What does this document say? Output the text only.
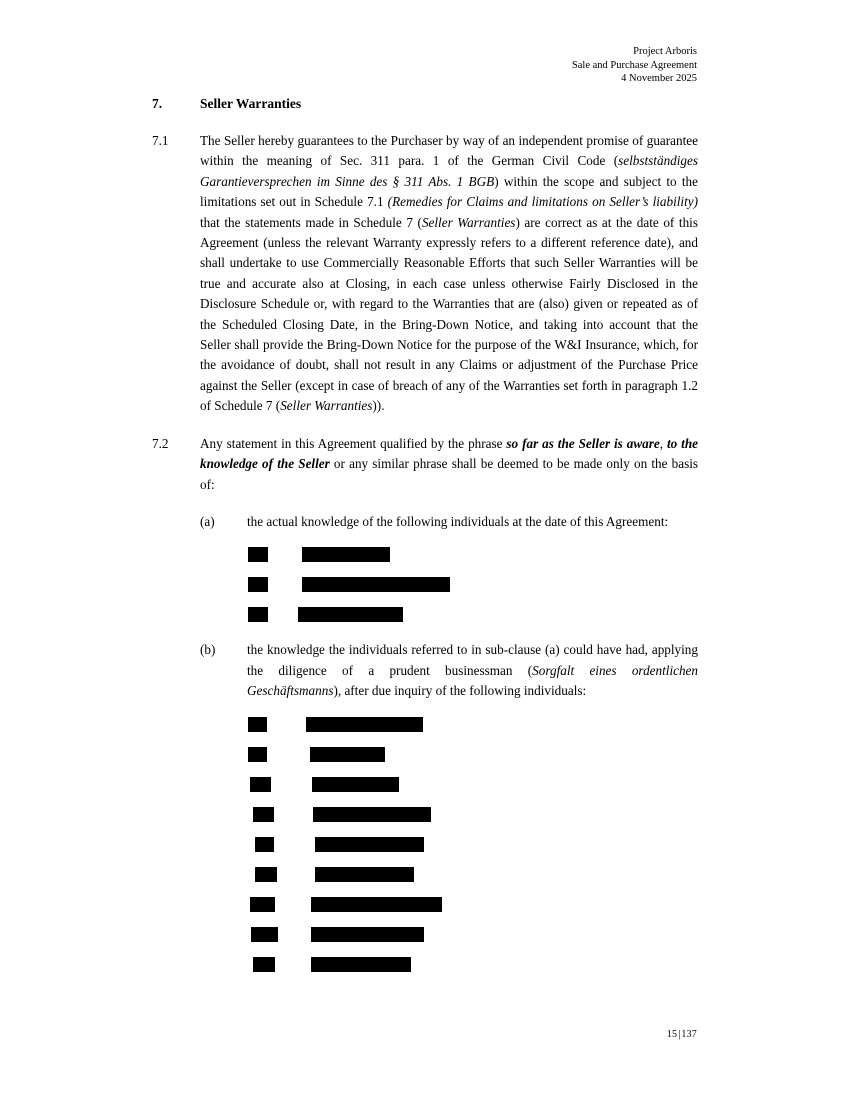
Project Arboris
Sale and Purchase Agreement
4 November 2025
7.	Seller Warranties
7.1	The Seller hereby guarantees to the Purchaser by way of an independent promise of guarantee within the meaning of Sec. 311 para. 1 of the German Civil Code (selbstständiges Garantieversprechen im Sinne des § 311 Abs. 1 BGB) within the scope and subject to the limitations set out in Schedule 7.1 (Remedies for Claims and limitations on Seller’s liability) that the statements made in Schedule 7 (Seller Warranties) are correct as at the date of this Agreement (unless the relevant Warranty expressly refers to a different reference date), and shall undertake to use Commercially Reasonable Efforts that such Seller Warranties will be true and accurate also at Closing, in each case unless otherwise Fairly Disclosed in the Disclosure Schedule or, with regard to the Warranties that are (also) given or repeated as of the Scheduled Closing Date, in the Bring-Down Notice, and taking into account that the Seller shall provide the Bring-Down Notice for the purpose of the W&I Insurance, which, for the avoidance of doubt, shall not result in any Claims or adjustment of the Purchase Price against the Seller (except in case of breach of any of the Warranties set forth in paragraph 1.2 of Schedule 7 (Seller Warranties)).
7.2	Any statement in this Agreement qualified by the phrase so far as the Seller is aware, to the knowledge of the Seller or any similar phrase shall be deemed to be made only on the basis of:
(a)	the actual knowledge of the following individuals at the date of this Agreement:
(b)	the knowledge the individuals referred to in sub-clause (a) could have had, applying the diligence of a prudent businessman (Sorgfalt eines ordentlichen Geschäftsmanns), after due inquiry of the following individuals:
15|137
